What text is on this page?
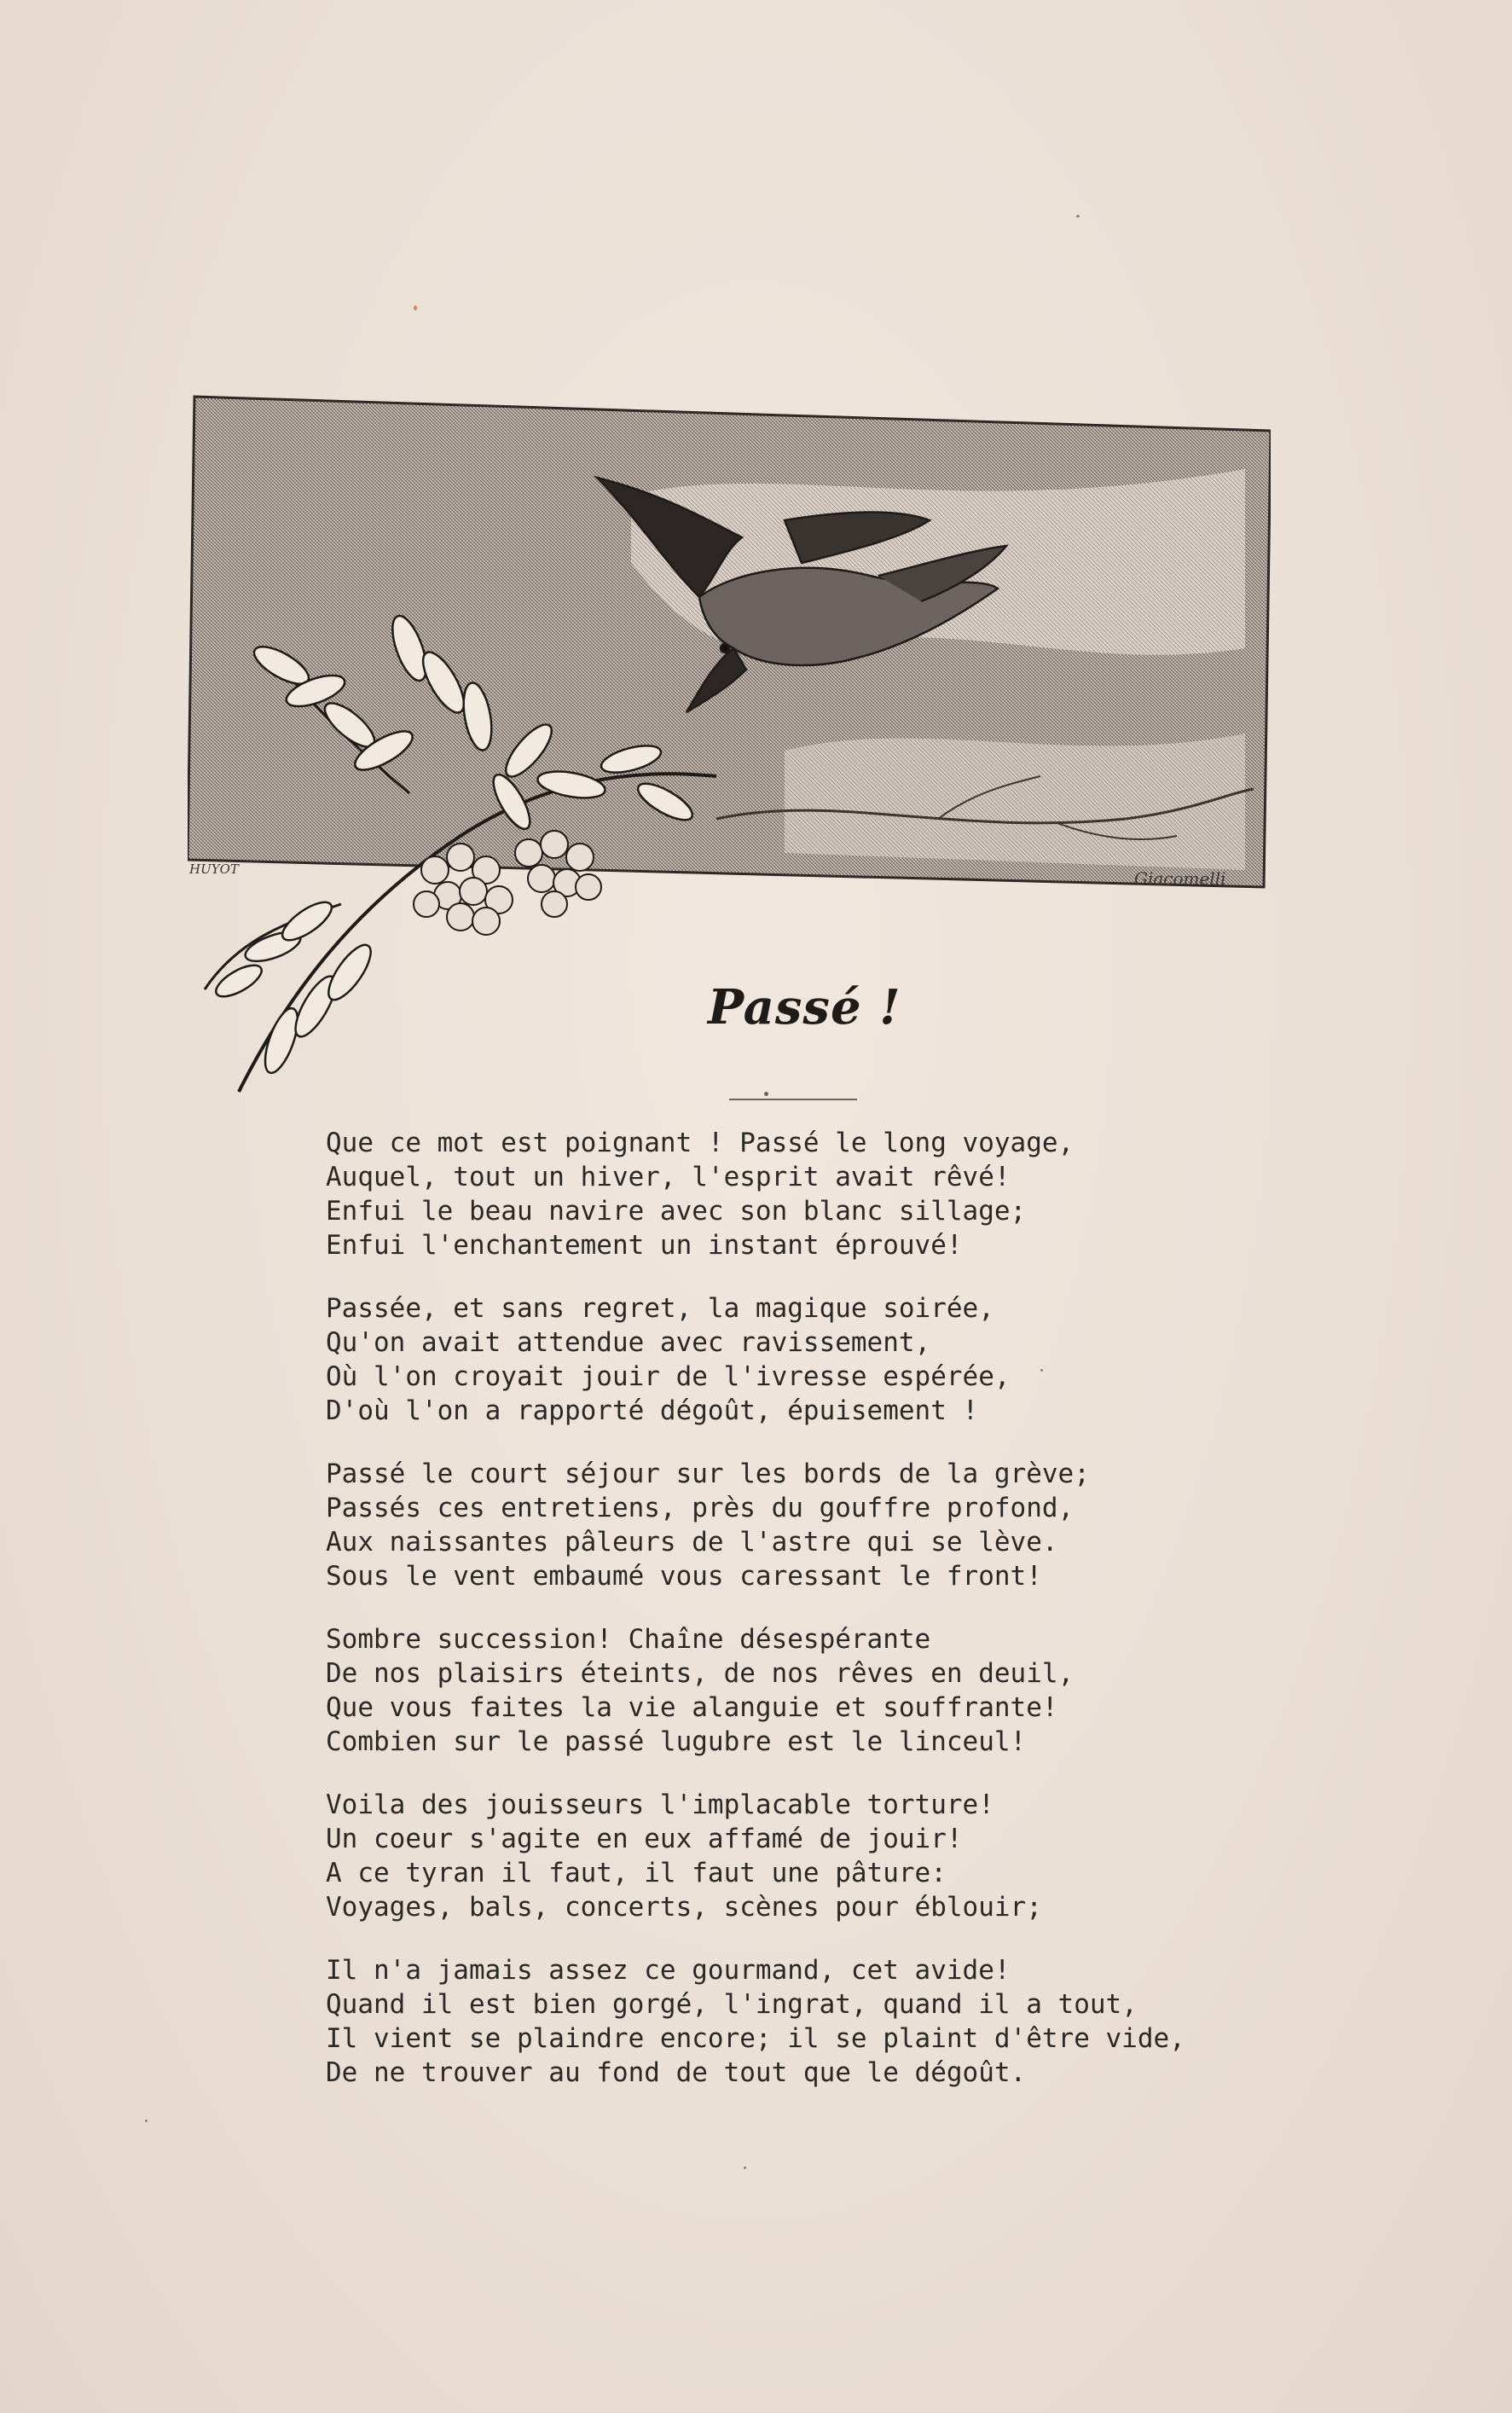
HUYOT	Giacomelli
Passé !
Que ce mot est poignant ! Passé le long voyage,
Auquel, tout un hiver, l'esprit avait rêvé!
Enfui le beau navire avec son blanc sillage;
Enfui l'enchantement un instant éprouvé!
Passée, et sans regret, la magique soirée,
Qu'on avait attendue avec ravissement,
Où l'on croyait jouir de l'ivresse espérée,
D'où l'on a rapporté dégoût, épuisement !
Passé le court séjour sur les bords de la grève;
Passés ces entretiens, près du gouffre profond,
Aux naissantes pâleurs de l'astre qui se lève.
Sous le vent embaumé vous caressant le front!
Sombre succession! Chaîne désespérante
De nos plaisirs éteints, de nos rêves en deuil,
Que vous faites la vie alanguie et souffrante!
Combien sur le passé lugubre est le linceul!
Voila des jouisseurs l'implacable torture!
Un coeur s'agite en eux affamé de jouir!
A ce tyran il faut, il faut une pâture:
Voyages, bals, concerts, scènes pour éblouir;
Il n'a jamais assez ce gourmand, cet avide!
Quand il est bien gorgé, l'ingrat, quand il a tout,
Il vient se plaindre encore; il se plaint d'être vide,
De ne trouver au fond de tout que le dégoût.
